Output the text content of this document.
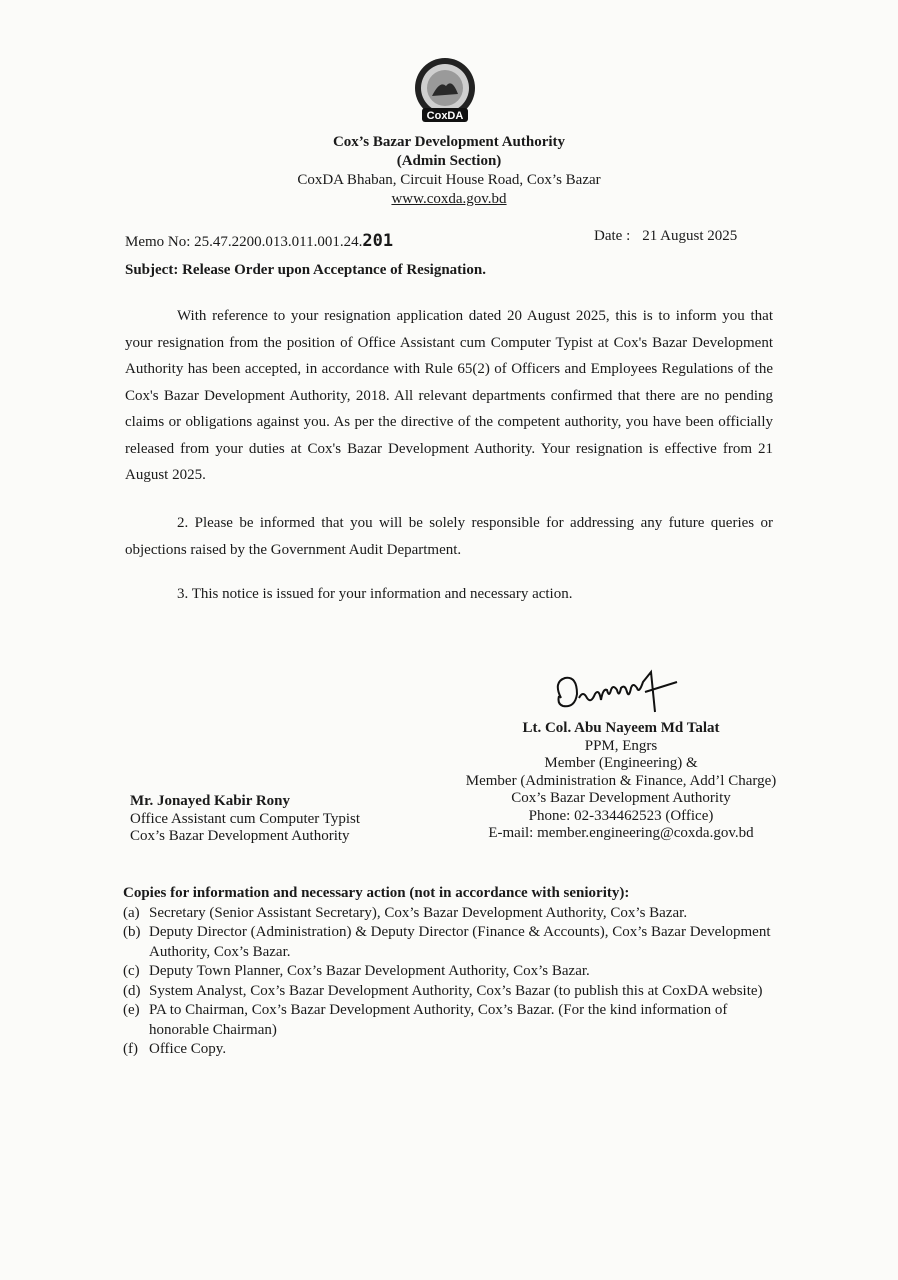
CoxDA
Cox’s Bazar Development Authority
(Admin Section)
CoxDA Bhaban, Circuit House Road, Cox’s Bazar
www.coxda.gov.bd
Memo No: 25.47.2200.013.011.001.24.201	Date : 21 August 2025
Subject: Release Order upon Acceptance of Resignation.
With reference to your resignation application dated 20 August 2025, this is to inform you that your resignation from the position of Office Assistant cum Computer Typist at Cox's Bazar Development Authority has been accepted, in accordance with Rule 65(2) of Officers and Employees Regulations of the Cox's Bazar Development Authority, 2018. All relevant departments confirmed that there are no pending claims or obligations against you. As per the directive of the competent authority, you have been officially released from your duties at Cox's Bazar Development Authority. Your resignation is effective from 21 August 2025.
2. Please be informed that you will be solely responsible for addressing any future queries or objections raised by the Government Audit Department.
3. This notice is issued for your information and necessary action.
Lt. Col. Abu Nayeem Md Talat
PPM, Engrs
Member (Engineering) &
Member (Administration & Finance, Add’l Charge)
Cox’s Bazar Development Authority
Phone: 02-334462523 (Office)
E-mail: member.engineering@coxda.gov.bd
Mr. Jonayed Kabir Rony
Office Assistant cum Computer Typist
Cox’s Bazar Development Authority
Copies for information and necessary action (not in accordance with seniority):
(a) Secretary (Senior Assistant Secretary), Cox’s Bazar Development Authority, Cox’s Bazar.
(b) Deputy Director (Administration) & Deputy Director (Finance & Accounts), Cox’s Bazar Development Authority, Cox’s Bazar.
(c) Deputy Town Planner, Cox’s Bazar Development Authority, Cox’s Bazar.
(d) System Analyst, Cox’s Bazar Development Authority, Cox’s Bazar (to publish this at CoxDA website)
(e) PA to Chairman, Cox’s Bazar Development Authority, Cox’s Bazar. (For the kind information of honorable Chairman)
(f) Office Copy.
